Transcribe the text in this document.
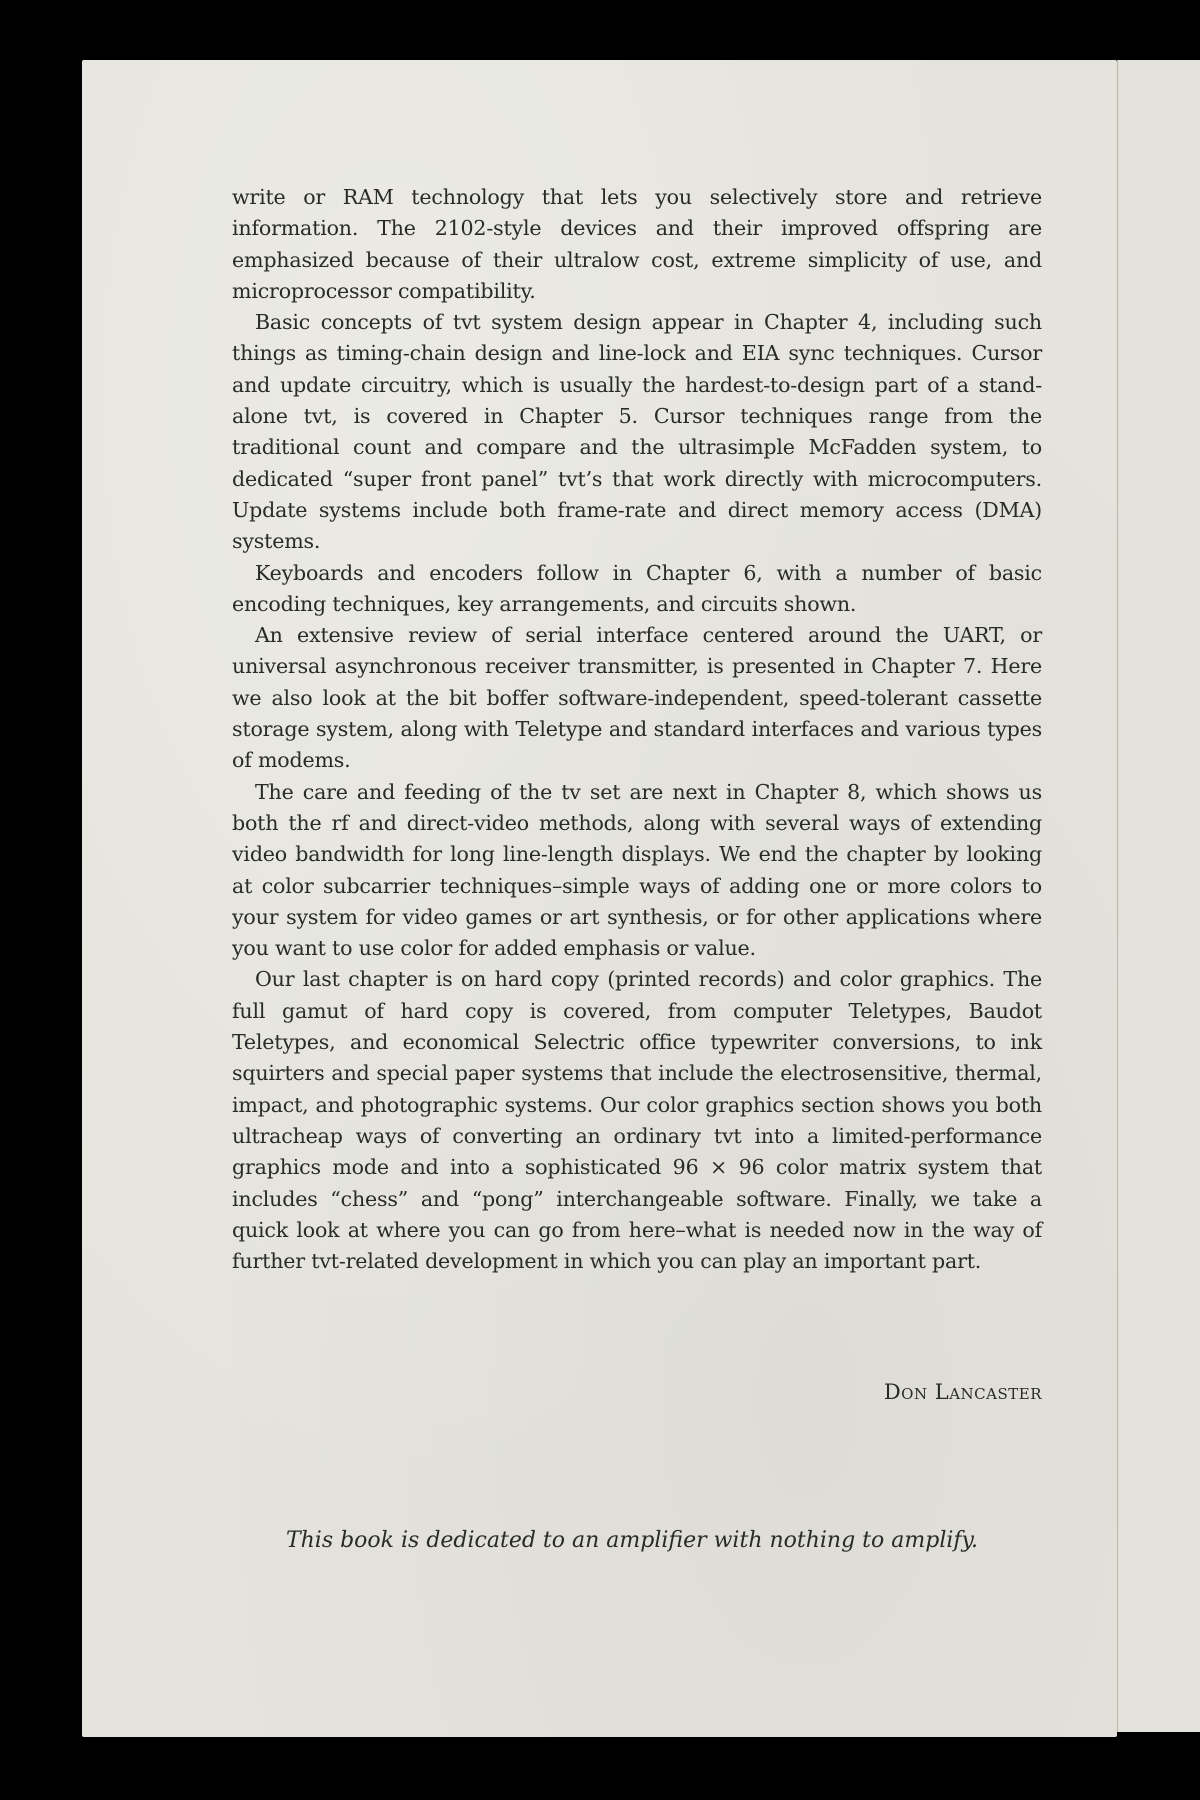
write or RAM technology that lets you selectively store and retrieve information. The 2102-style devices and their improved offspring are emphasized because of their ultralow cost, extreme simplicity of use, and microprocessor compatibility.

Basic concepts of tvt system design appear in Chapter 4, including such things as timing-chain design and line-lock and EIA sync techniques. Cursor and update circuitry, which is usually the hardest-to-design part of a stand-alone tvt, is covered in Chapter 5. Cursor techniques range from the traditional count and compare and the ultrasimple McFadden system, to dedicated “super front panel” tvt’s that work directly with microcomputers. Update systems include both frame-rate and direct memory access (DMA) systems.

Keyboards and encoders follow in Chapter 6, with a number of basic encoding techniques, key arrangements, and circuits shown.

An extensive review of serial interface centered around the UART, or universal asynchronous receiver transmitter, is presented in Chapter 7. Here we also look at the bit boffer software-independent, speed-tolerant cassette storage system, along with Teletype and standard interfaces and various types of modems.

The care and feeding of the tv set are next in Chapter 8, which shows us both the rf and direct-video methods, along with several ways of extending video bandwidth for long line-length displays. We end the chapter by looking at color subcarrier techniques–simple ways of adding one or more colors to your system for video games or art synthesis, or for other applications where you want to use color for added emphasis or value.

Our last chapter is on hard copy (printed records) and color graphics. The full gamut of hard copy is covered, from computer Teletypes, Baudot Teletypes, and economical Selectric office typewriter conversions, to ink squirters and special paper systems that include the electrosensitive, thermal, impact, and photographic systems. Our color graphics section shows you both ultracheap ways of converting an ordinary tvt into a limited-performance graphics mode and into a sophisticated 96 × 96 color matrix system that includes “chess” and “pong” interchangeable software. Finally, we take a quick look at where you can go from here–what is needed now in the way of further tvt-related development in which you can play an important part.

Don Lancaster
This book is dedicated to an amplifier with nothing to amplify.
